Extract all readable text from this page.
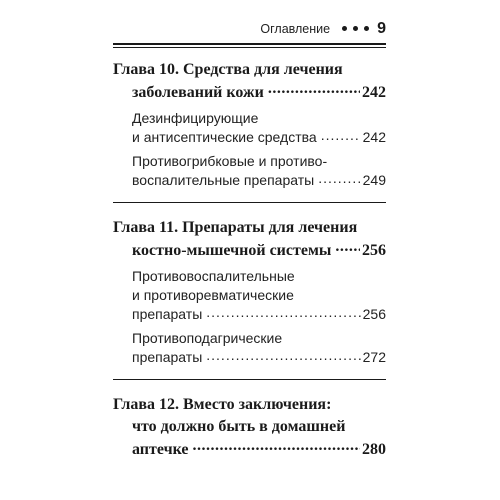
Оглавление	9
Глава 10. Средства для лечения
заболеваний кожи .....	242
Дезинфицирующие
и антисептические средства .....	242
Противогрибковые и противо-
воспалительные препараты .....	249
Глава 11. Препараты для лечения
костно-мышечной системы ..... 256
Противовоспалительные
и противоревматические
препараты .....	256
Противоподагрические
препараты .....	272
Глава 12. Вместо заключения:
что должно быть в домашней
аптечке .....	280
